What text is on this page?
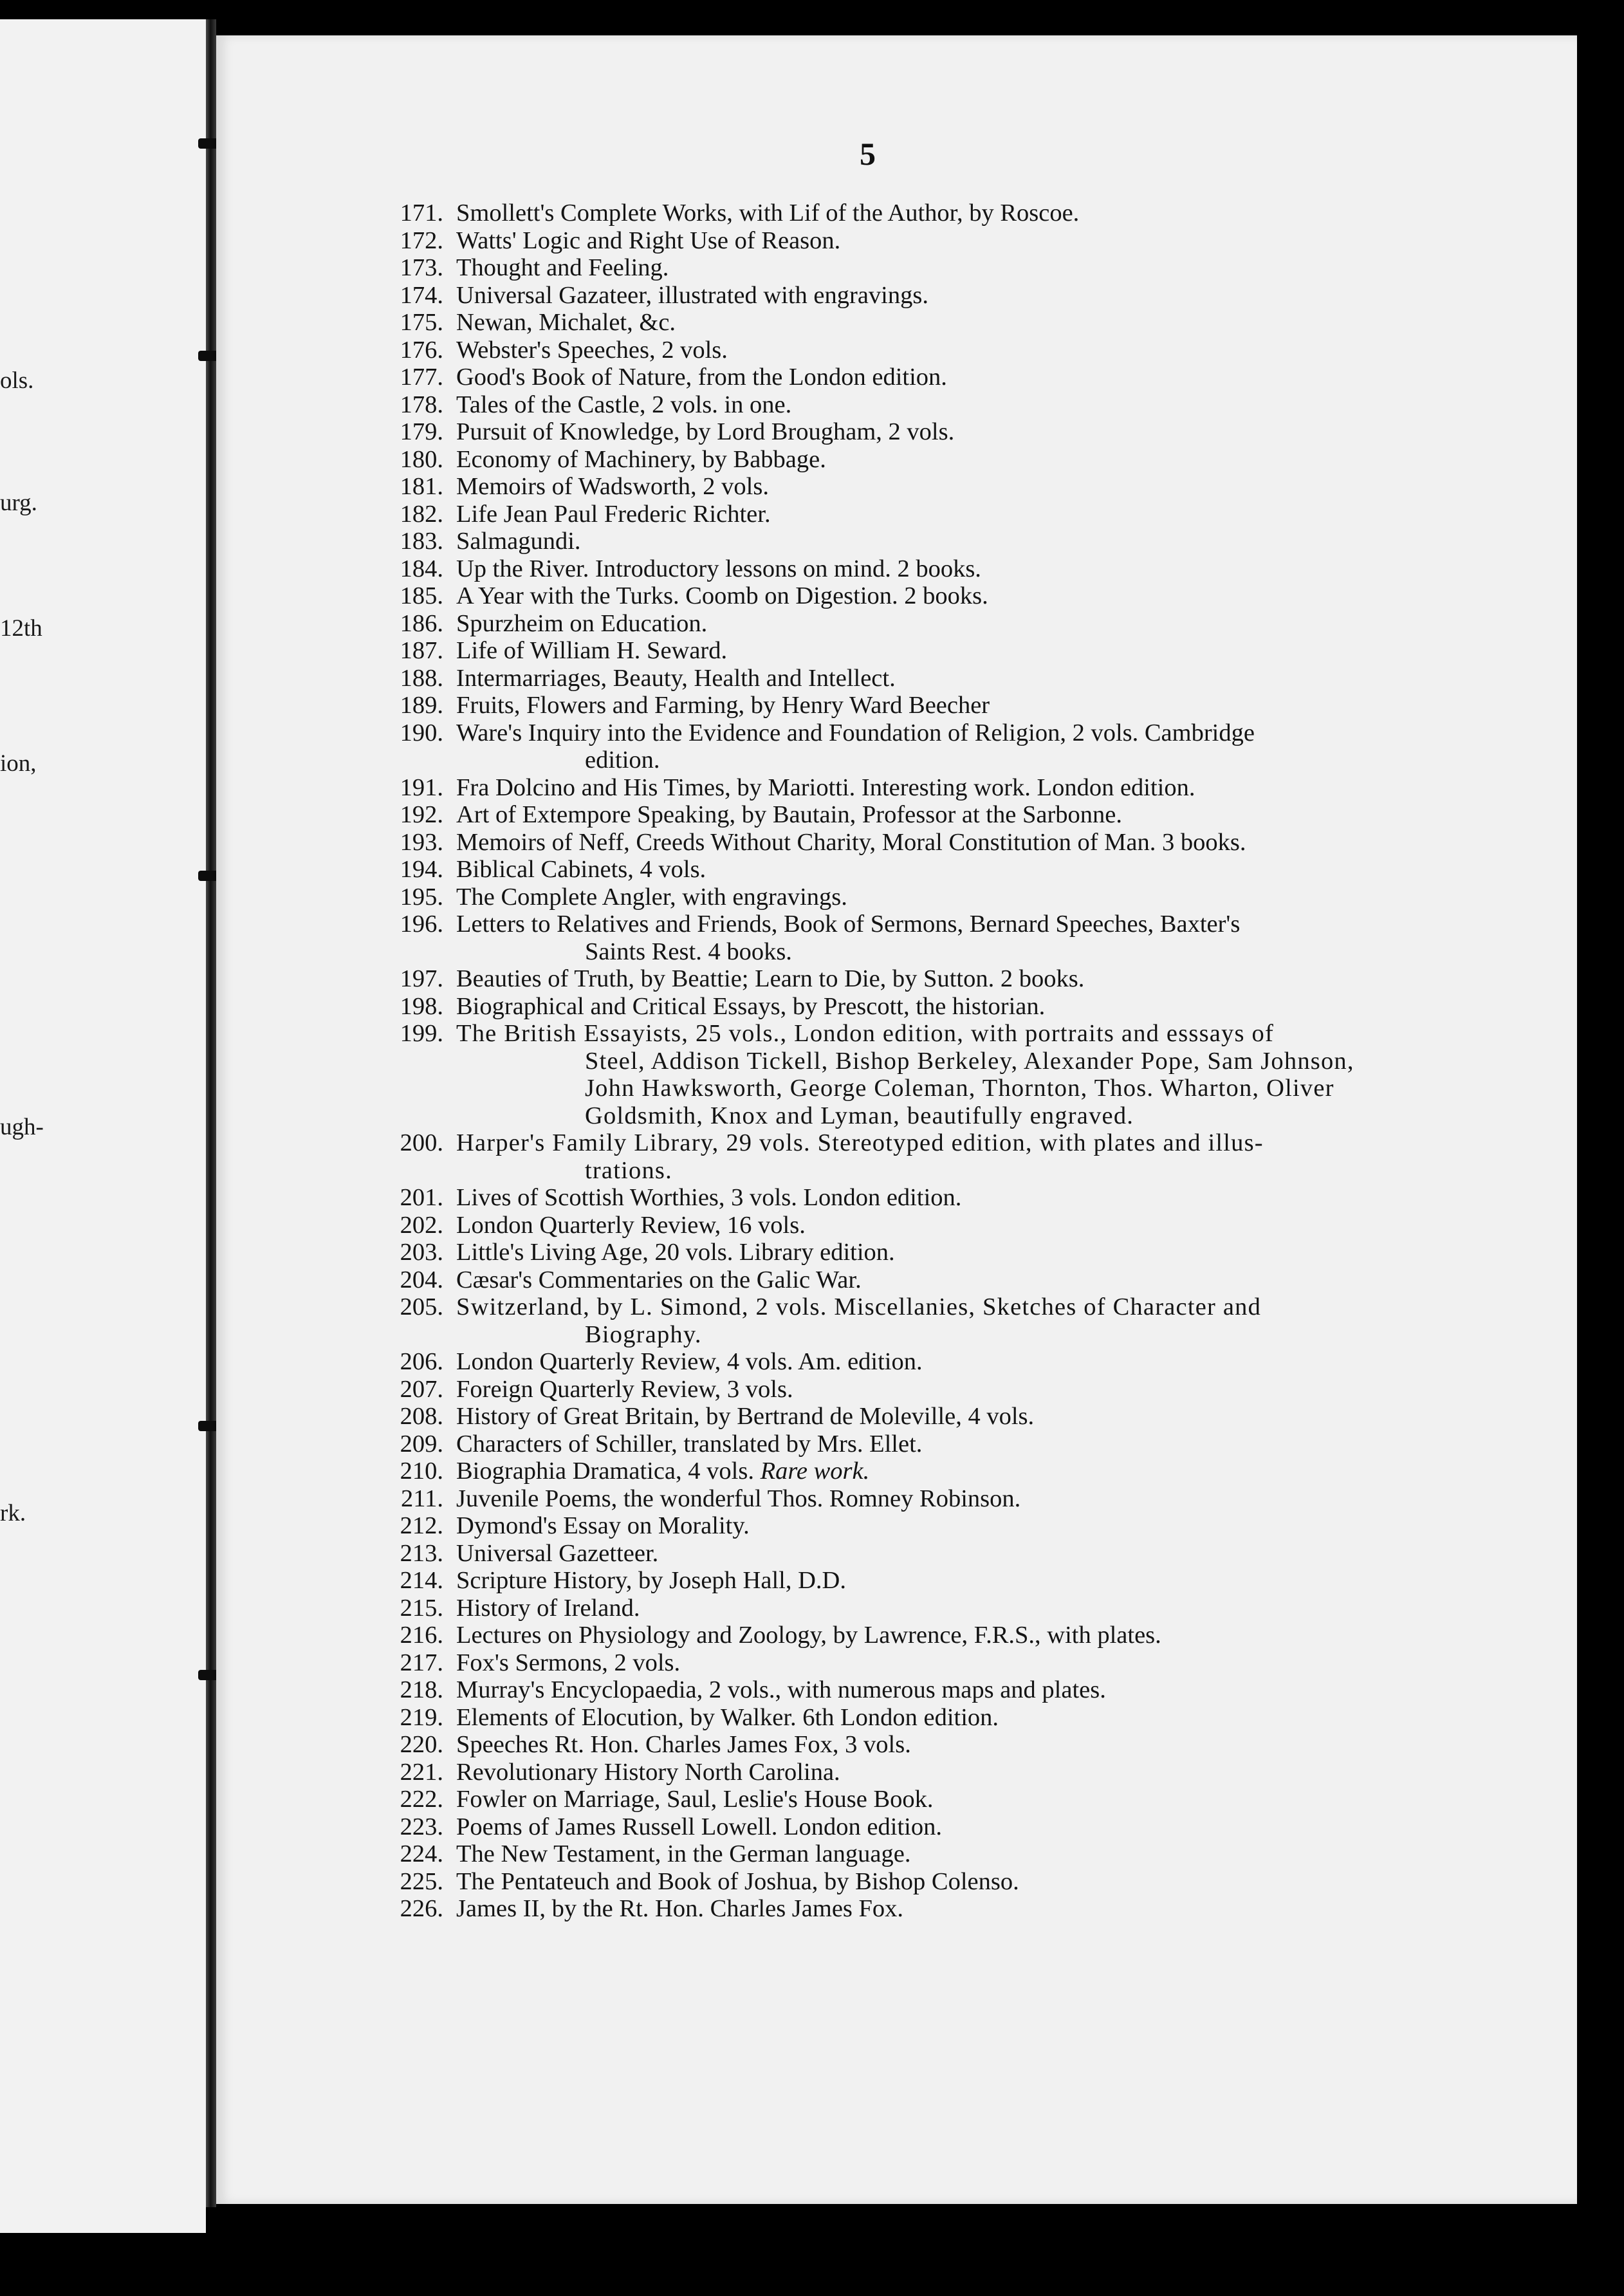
ols.
urg.
12th
ion,
ugh-
rk.
5
171. Smollett's Complete Works, with Lif of the Author, by Roscoe.
172. Watts' Logic and Right Use of Reason.
173. Thought and Feeling.
174. Universal Gazateer, illustrated with engravings.
175. Newan, Michalet, &c.
176. Webster's Speeches, 2 vols.
177. Good's Book of Nature, from the London edition.
178. Tales of the Castle, 2 vols. in one.
179. Pursuit of Knowledge, by Lord Brougham, 2 vols.
180. Economy of Machinery, by Babbage.
181. Memoirs of Wadsworth, 2 vols.
182. Life Jean Paul Frederic Richter.
183. Salmagundi.
184. Up the River. Introductory lessons on mind. 2 books.
185. A Year with the Turks. Coomb on Digestion. 2 books.
186. Spurzheim on Education.
187. Life of William H. Seward.
188. Intermarriages, Beauty, Health and Intellect.
189. Fruits, Flowers and Farming, by Henry Ward Beecher
190. Ware's Inquiry into the Evidence and Foundation of Religion, 2 vols. Cambridge
edition.
191. Fra Dolcino and His Times, by Mariotti. Interesting work. London edition.
192. Art of Extempore Speaking, by Bautain, Professor at the Sarbonne.
193. Memoirs of Neff, Creeds Without Charity, Moral Constitution of Man. 3 books.
194. Biblical Cabinets, 4 vols.
195. The Complete Angler, with engravings.
196. Letters to Relatives and Friends, Book of Sermons, Bernard Speeches, Baxter's
Saints Rest. 4 books.
197. Beauties of Truth, by Beattie; Learn to Die, by Sutton. 2 books.
198. Biographical and Critical Essays, by Prescott, the historian.
199. The British Essayists, 25 vols., London edition, with portraits and esssays of
Steel, Addison Tickell, Bishop Berkeley, Alexander Pope, Sam Johnson,
John Hawksworth, George Coleman, Thornton, Thos. Wharton, Oliver
Goldsmith, Knox and Lyman, beautifully engraved.
200. Harper's Family Library, 29 vols. Stereotyped edition, with plates and illus-
trations.
201. Lives of Scottish Worthies, 3 vols. London edition.
202. London Quarterly Review, 16 vols.
203. Little's Living Age, 20 vols. Library edition.
204. Cæsar's Commentaries on the Galic War.
205. Switzerland, by L. Simond, 2 vols. Miscellanies, Sketches of Character and
Biography.
206. London Quarterly Review, 4 vols. Am. edition.
207. Foreign Quarterly Review, 3 vols.
208. History of Great Britain, by Bertrand de Moleville, 4 vols.
209. Characters of Schiller, translated by Mrs. Ellet.
210. Biographia Dramatica, 4 vols. Rare work.
211. Juvenile Poems, the wonderful Thos. Romney Robinson.
212. Dymond's Essay on Morality.
213. Universal Gazetteer.
214. Scripture History, by Joseph Hall, D.D.
215. History of Ireland.
216. Lectures on Physiology and Zoology, by Lawrence, F.R.S., with plates.
217. Fox's Sermons, 2 vols.
218. Murray's Encyclopaedia, 2 vols., with numerous maps and plates.
219. Elements of Elocution, by Walker. 6th London edition.
220. Speeches Rt. Hon. Charles James Fox, 3 vols.
221. Revolutionary History North Carolina.
222. Fowler on Marriage, Saul, Leslie's House Book.
223. Poems of James Russell Lowell. London edition.
224. The New Testament, in the German language.
225. The Pentateuch and Book of Joshua, by Bishop Colenso.
226. James II, by the Rt. Hon. Charles James Fox.
